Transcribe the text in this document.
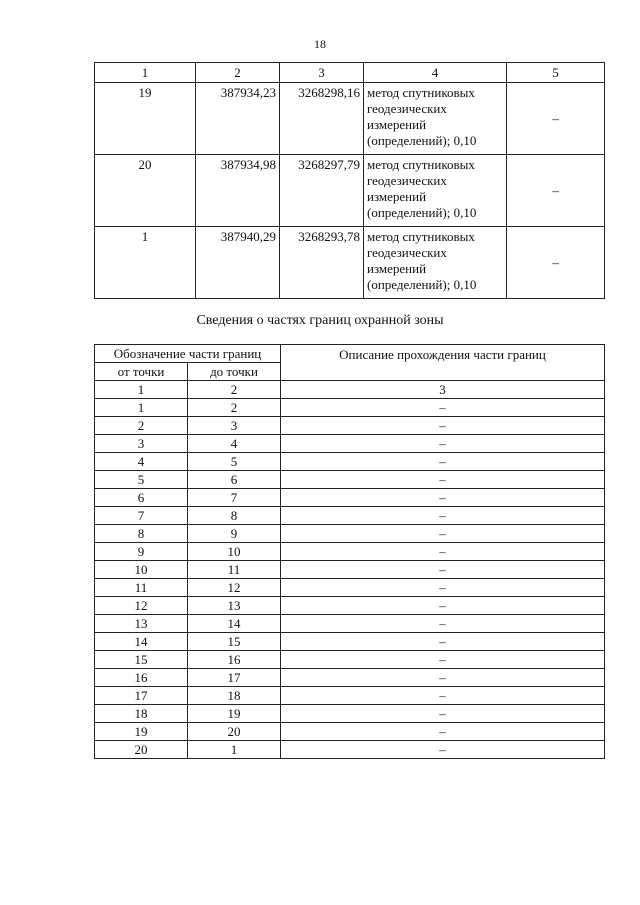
18
1	2	3	4	5
19	387934,23	3268298,16	метод спутниковых
геодезических
измерений
(определений); 0,10	–
20	387934,98	3268297,79	метод спутниковых
геодезических
измерений
(определений); 0,10	–
1	387940,29	3268293,78	метод спутниковых
геодезических
измерений
(определений); 0,10	–
Сведения о частях границ охранной зоны
Обозначение части границ		Описание прохождения части границ
от точки	до точки	
1	2	3
1	2	–
2	3	–
3	4	–
4	5	–
5	6	–
6	7	–
7	8	–
8	9	–
9	10	–
10	11	–
11	12	–
12	13	–
13	14	–
14	15	–
15	16	–
16	17	–
17	18	–
18	19	–
19	20	–
20	1	–
